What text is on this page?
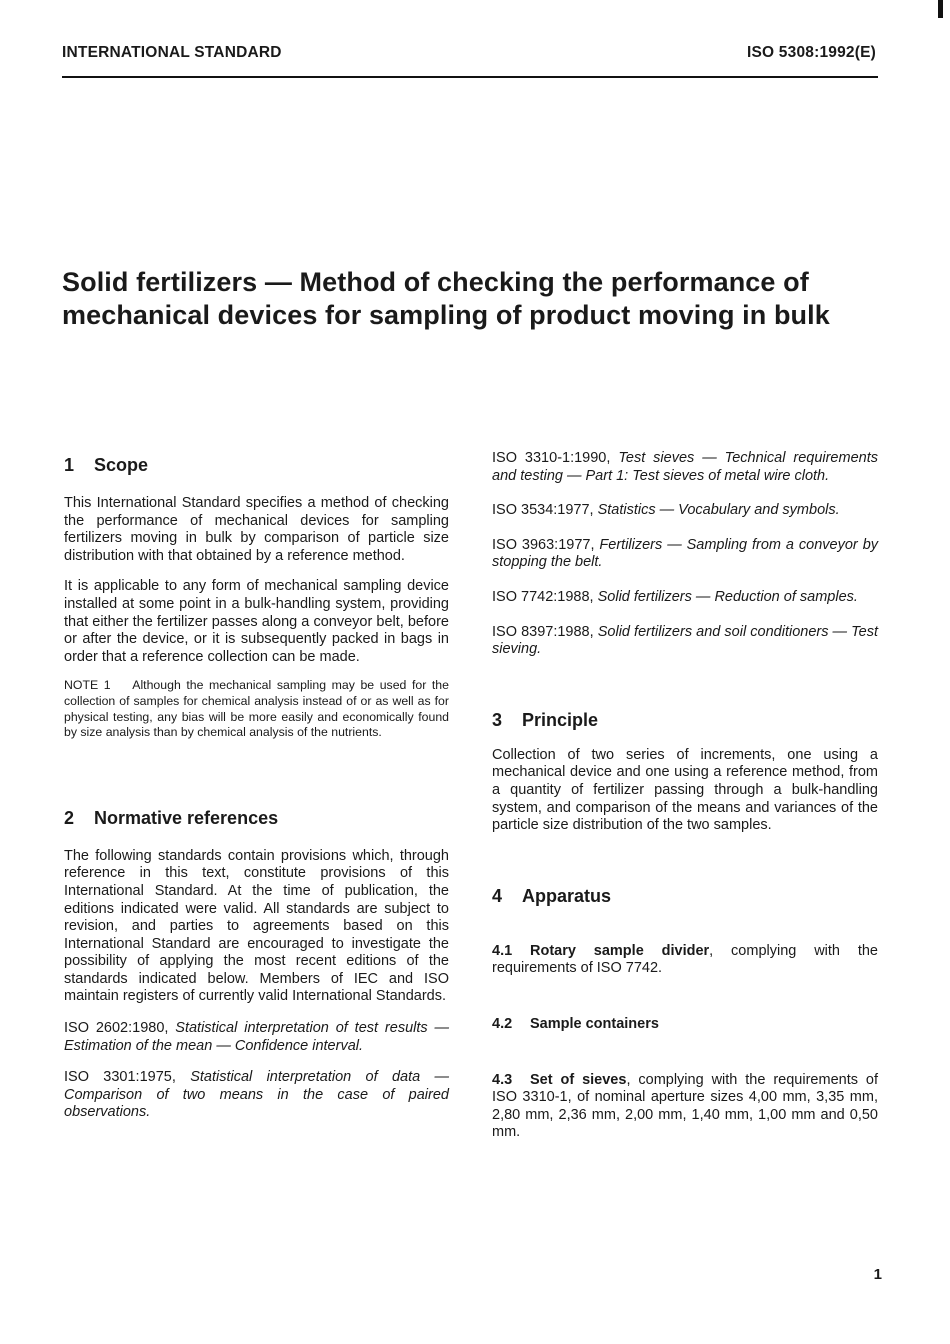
INTERNATIONAL STANDARD	ISO 5308:1992(E)
Solid fertilizers — Method of checking the performance of mechanical devices for sampling of product moving in bulk
1	Scope

This International Standard specifies a method of checking the performance of mechanical devices for sampling fertilizers moving in bulk by comparison of particle size distribution with that obtained by a reference method.

It is applicable to any form of mechanical sampling device installed at some point in a bulk-handling system, providing that either the fertilizer passes along a conveyor belt, before or after the device, or it is subsequently packed in bags in order that a reference collection can be made.

NOTE 1    Although the mechanical sampling may be used for the collection of samples for chemical analysis instead of or as well as for physical testing, any bias will be more easily and economically found by size analysis than by chemical analysis of the nutrients.

2	Normative references

The following standards contain provisions which, through reference in this text, constitute provisions of this International Standard. At the time of publication, the editions indicated were valid. All standards are subject to revision, and parties to agreements based on this International Standard are encouraged to investigate the possibility of applying the most recent editions of the standards indicated below. Members of IEC and ISO maintain registers of currently valid International Standards.

ISO 2602:1980, Statistical interpretation of test results — Estimation of the mean — Confidence interval.

ISO 3301:1975, Statistical interpretation of data — Comparison of two means in the case of paired observations.

ISO 3310-1:1990, Test sieves — Technical requirements and testing — Part 1: Test sieves of metal wire cloth.

ISO 3534:1977, Statistics — Vocabulary and symbols.

ISO 3963:1977, Fertilizers — Sampling from a conveyor by stopping the belt.

ISO 7742:1988, Solid fertilizers — Reduction of samples.

ISO 8397:1988, Solid fertilizers and soil conditioners — Test sieving.

3	Principle

Collection of two series of increments, one using a mechanical device and one using a reference method, from a quantity of fertilizer passing through a bulk-handling system, and comparison of the means and variances of the particle size distribution of the two samples.

4	Apparatus

4.1 Rotary sample divider, complying with the requirements of ISO 7742.

4.2 Sample containers

4.3 Set of sieves, complying with the requirements of ISO 3310-1, of nominal aperture sizes 4,00 mm, 3,35 mm, 2,80 mm, 2,36 mm, 2,00 mm, 1,40 mm, 1,00 mm and 0,50 mm.

1
